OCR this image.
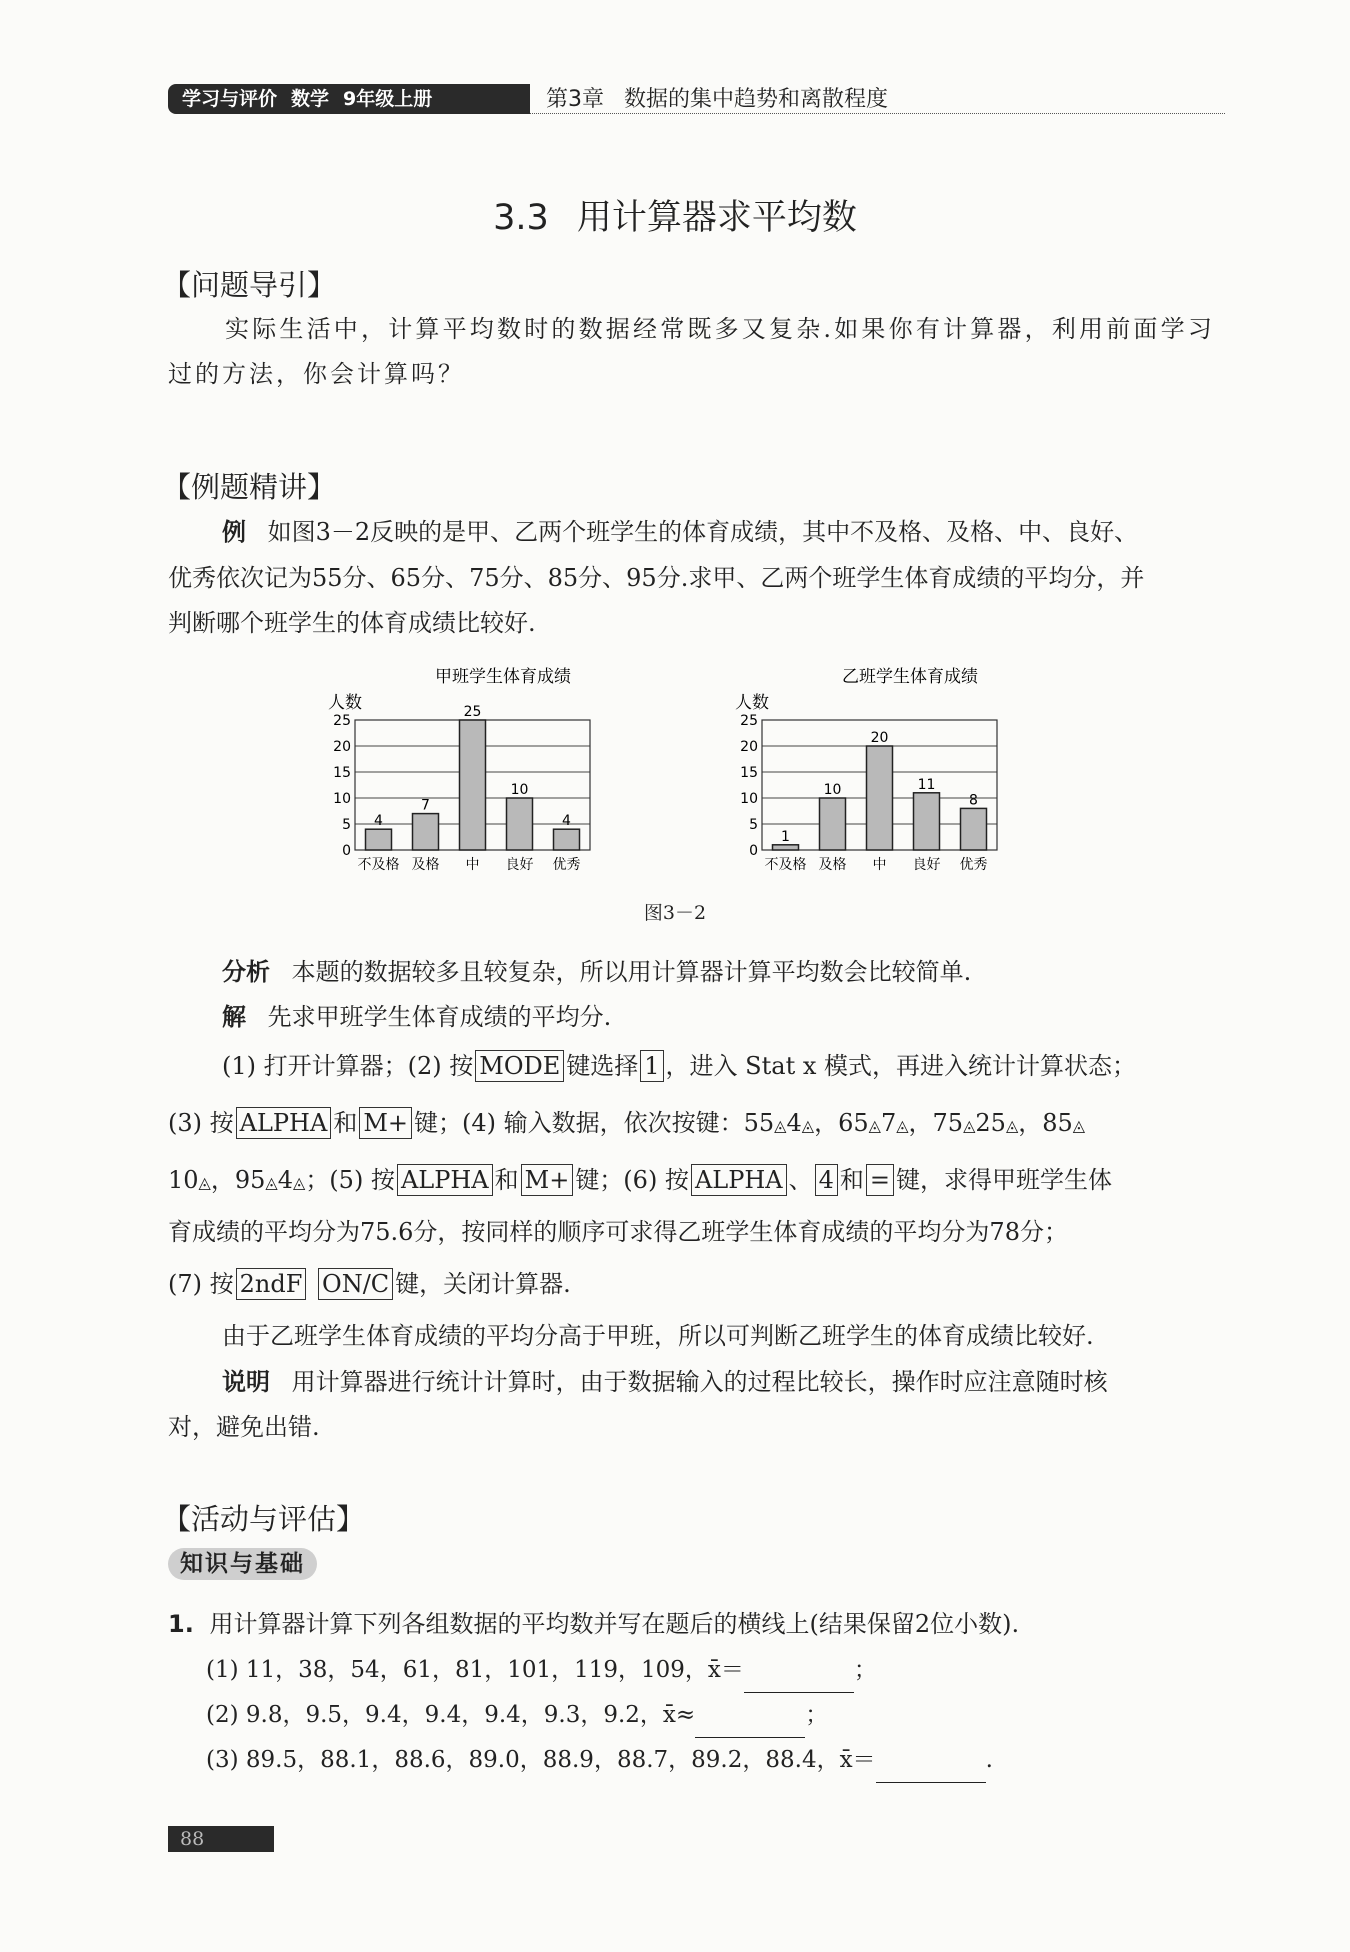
学习与评价 数学 9年级上册	第3章 数据的集中趋势和离散程度
3.3 用计算器求平均数
【问题导引】
实际生活中，计算平均数时的数据经常既多又复杂.如果你有计算器，利用前面学习
过的方法，你会计算吗？
【例题精讲】
例 如图3－2反映的是甲、乙两个班学生的体育成绩，其中不及格、及格、中、良好、
优秀依次记为55分、65分、75分、85分、95分.求甲、乙两个班学生体育成绩的平均分，并
判断哪个班学生的体育成绩比较好.
甲班学生体育成绩
人数
0
5
10
15
20
25
4
不及格
7
及格
25
中
10
良好
4
优秀
乙班学生体育成绩
人数
0
5
10
15
20
25
1
不及格
10
及格
20
中
11
良好
8
优秀
图3－2
分析 本题的数据较多且较复杂，所以用计算器计算平均数会比较简单.
解 先求甲班学生体育成绩的平均分.
(1) 打开计算器；(2) 按 MODE 键选择 1 ，进入 Stat x 模式，再进入统计计算状态；
(3) 按 ALPHA 和 M+ 键；(4) 输入数据，依次按键：55◬4◬，65◬7◬，75◬25◬，85◬
10◬，95◬4◬；(5) 按 ALPHA 和 M+ 键；(6) 按 ALPHA 、 4 和 = 键，求得甲班学生体
育成绩的平均分为75.6分，按同样的顺序可求得乙班学生体育成绩的平均分为78分；
(7) 按 2ndF ON/C 键，关闭计算器.
由于乙班学生体育成绩的平均分高于甲班，所以可判断乙班学生的体育成绩比较好.
说明 用计算器进行统计计算时，由于数据输入的过程比较长，操作时应注意随时核
对，避免出错.
【活动与评估】
知识与基础
1. 用计算器计算下列各组数据的平均数并写在题后的横线上(结果保留2位小数).
(1) 11，38，54，61，81，101，119，109，x̄＝	；
(2) 9.8，9.5，9.4，9.4，9.4，9.3，9.2，x̄≈	；
(3) 89.5，88.1，88.6，89.0，88.9，88.7，89.2，88.4，x̄＝	.
88
